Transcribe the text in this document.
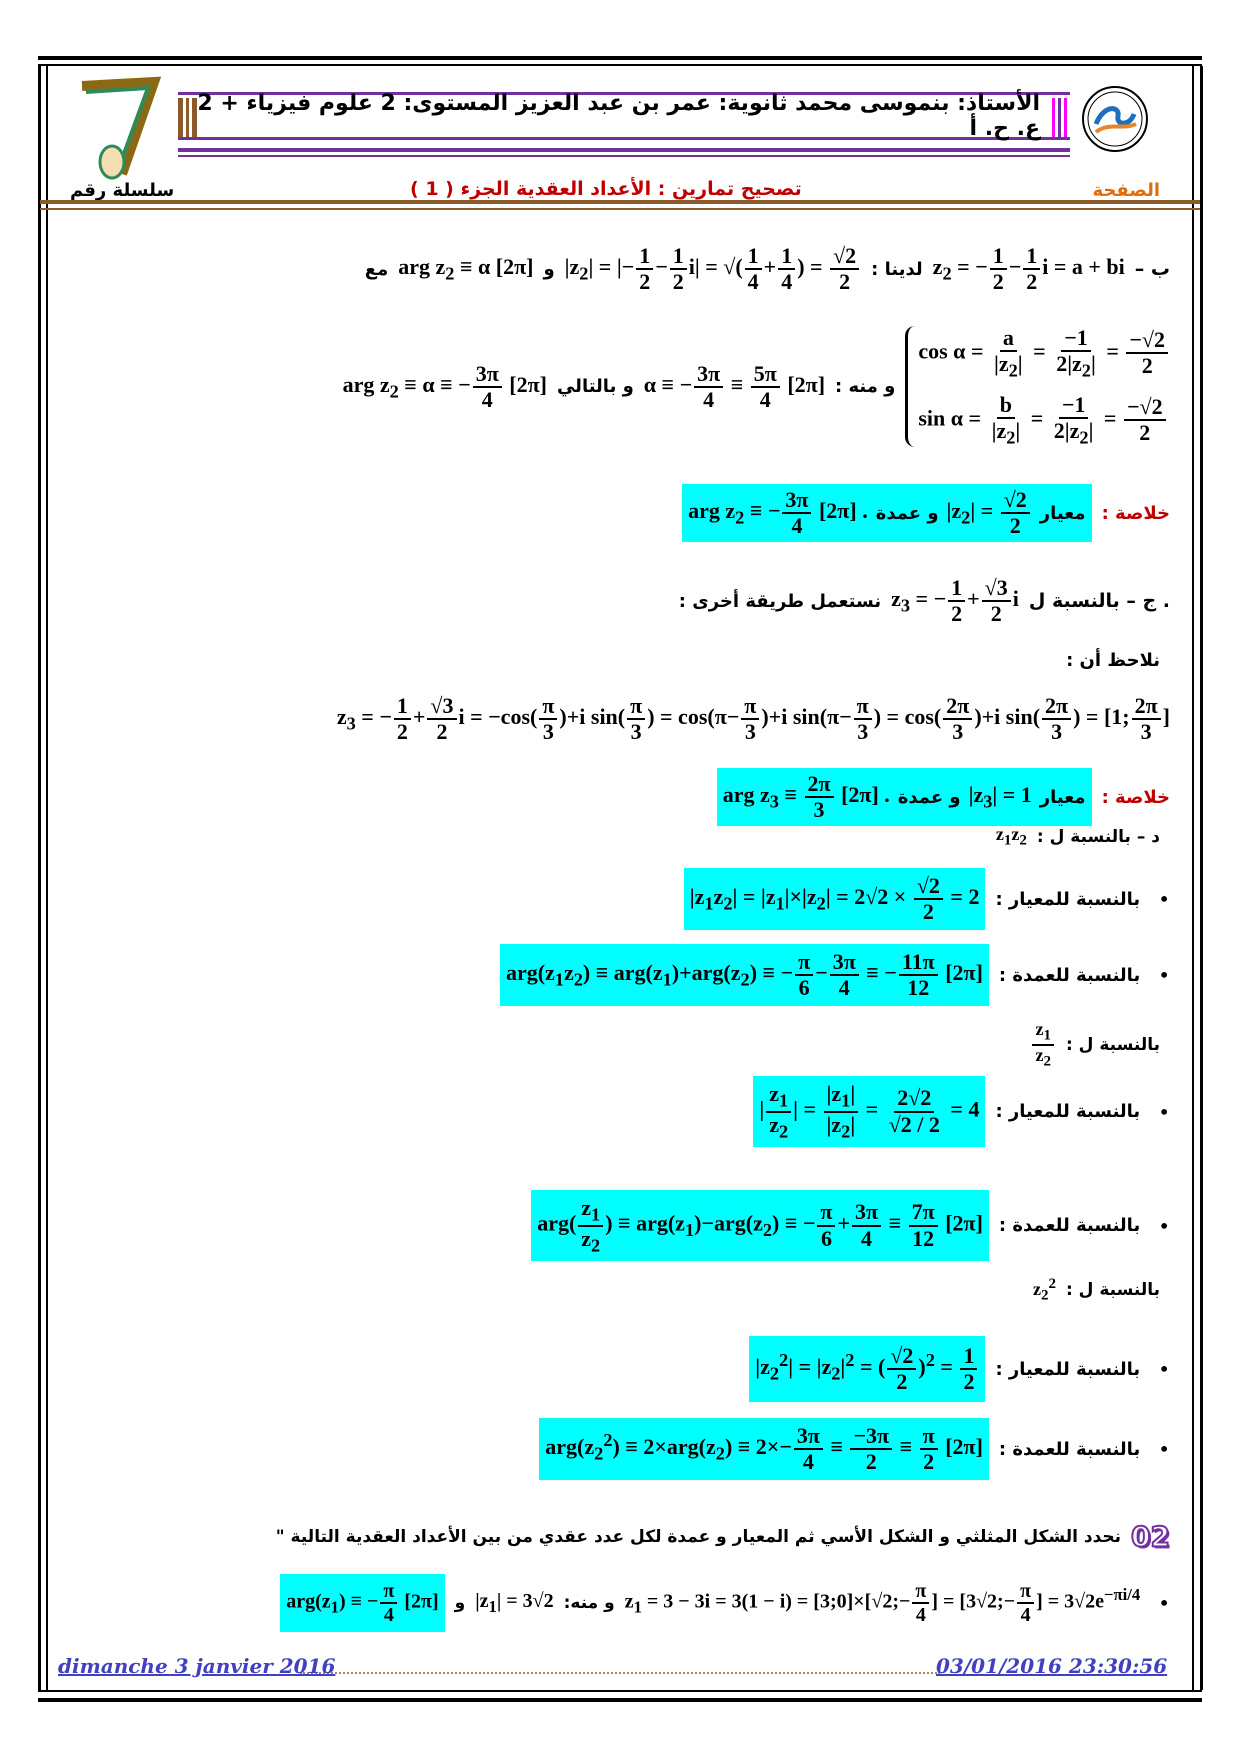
الأستاذ: بنموسى محمد ثانوية: عمر بن عبد العزيز المستوى: 2 علوم فيزياء + 2 ع. ح. أ
الصفحة
تصحيح تمارين : الأعداد العقدية الجزء ( 1 )
سلسلة رقم
ب –
$z_2$ = − $\frac{1}{2} - \frac{1}{2}$ i = a + bi
لدينا :
$|z_2|$ = |− $\frac{1}{2} - \frac{1}{2} i|$ = √( $\frac{1}{4} + \frac{1}{4}$ ) = $\frac{√2}{2}$
و
arg $z_2 \equiv \alpha$ [2π]
مع
$\cos \alpha = \frac{a}{|z_2|} = \frac{-1}{2|z_2|} = \frac{-√2}{2}$
$\sin \alpha = \frac{b}{|z_2|} = \frac{-1}{2|z_2|} = \frac{-√2}{2}$
و منه :
α ≡ − $\frac{3\pi}{4} \equiv \frac{5\pi}{4} [2\pi]$
و بالتالي
arg $z_2 \equiv \alpha$ ≡ − $\frac{3\pi}{4} [2\pi]$
خلاصة :
معيار
$|z_2| = \frac{√2}{2}$
و عمدة
arg $z_2$ ≡ − $\frac{3\pi}{4} [2\pi]$ .
. ج – بالنسبة ل
$z_3$ = − $\frac{1}{2} + \frac{√3}{2}$ i
نستعمل طريقة أخرى :
نلاحظ أن :
$z_3$ = − $\frac{1}{2} + \frac{√3}{2}$ $i = -\cos( \frac{\pi}{3} )+i$ $\sin( \frac{\pi}{3}$ ) = $\cos(\pi- \frac{\pi}{3} )+i$ $\sin(\pi- \frac{\pi}{3}$ ) = $\cos( \frac{2\pi}{3} )+i$ $\sin( \frac{2\pi}{3}$ ) = [1; $\frac{2\pi}{3}$ ]
خلاصة :
معيار
$|z_3| = 1$
و عمدة
arg $z_3 \equiv \frac{2\pi}{3} [2\pi]$ .
د – بالنسبة ل :
$z_1z_2$
•
بالنسبة للمعيار :
$|z_1z_2| = |z_1|\times|z_2| = 2√2 \times \frac{√2}{2} = 2$
•
بالنسبة للعمدة :
$arg(z_1z_2) \equiv arg(z_1)+arg(z_2)$ ≡ − $\frac{\pi}{6} - \frac{3\pi}{4}$ ≡ − $\frac{11\pi}{12} [2\pi]$
بالنسبة ل :
$\frac{z_1}{z_2}$
•
بالنسبة للمعيار :
| $\frac{z_1}{z_2}$ | = $\frac{|z_1|}{|z_2|} = \frac{2√2}{√2 / 2} = 4$
•
بالنسبة للعمدة :
$arg( \frac{z_1}{z_2}$ ) ≡ $arg(z_1)-arg(z_2)$ ≡ − $\frac{\pi}{6} + \frac{3\pi}{4} \equiv \frac{7\pi}{12} [2\pi]$
بالنسبة ل :
$z_2^2$
•
بالنسبة للمعيار :
$|z_2^2| = |z_2|^2$ = ( $\frac{√2}{2} )^2 = \frac{1}{2}$
•
بالنسبة للعمدة :
$arg(z_2^2) \equiv 2\times arg(z_2) \equiv 2\times- \frac{3\pi}{4} \equiv \frac{-3\pi}{2} \equiv \frac{\pi}{2} [2\pi]$
02
نحدد الشكل المثلثي و الشكل الأسي ثم المعيار و عمدة لكل عدد عقدي من بين الأعداد العقدية التالية "
•
$z_1 = 3 - 3i = 3(1 - i)$ = [3;0]×[√2;− $\frac{\pi}{4}$ ] = [3√2;− $\frac{\pi}{4}$ ] = $3√2e^{-\pi i/4}$
و منه:
$|z_1| = 3√2$
و
$arg(z_1)$ ≡ − $\frac{\pi}{4} [2\pi]$
dimanche 3 janvier 2016	03/01/2016 23:30:56
